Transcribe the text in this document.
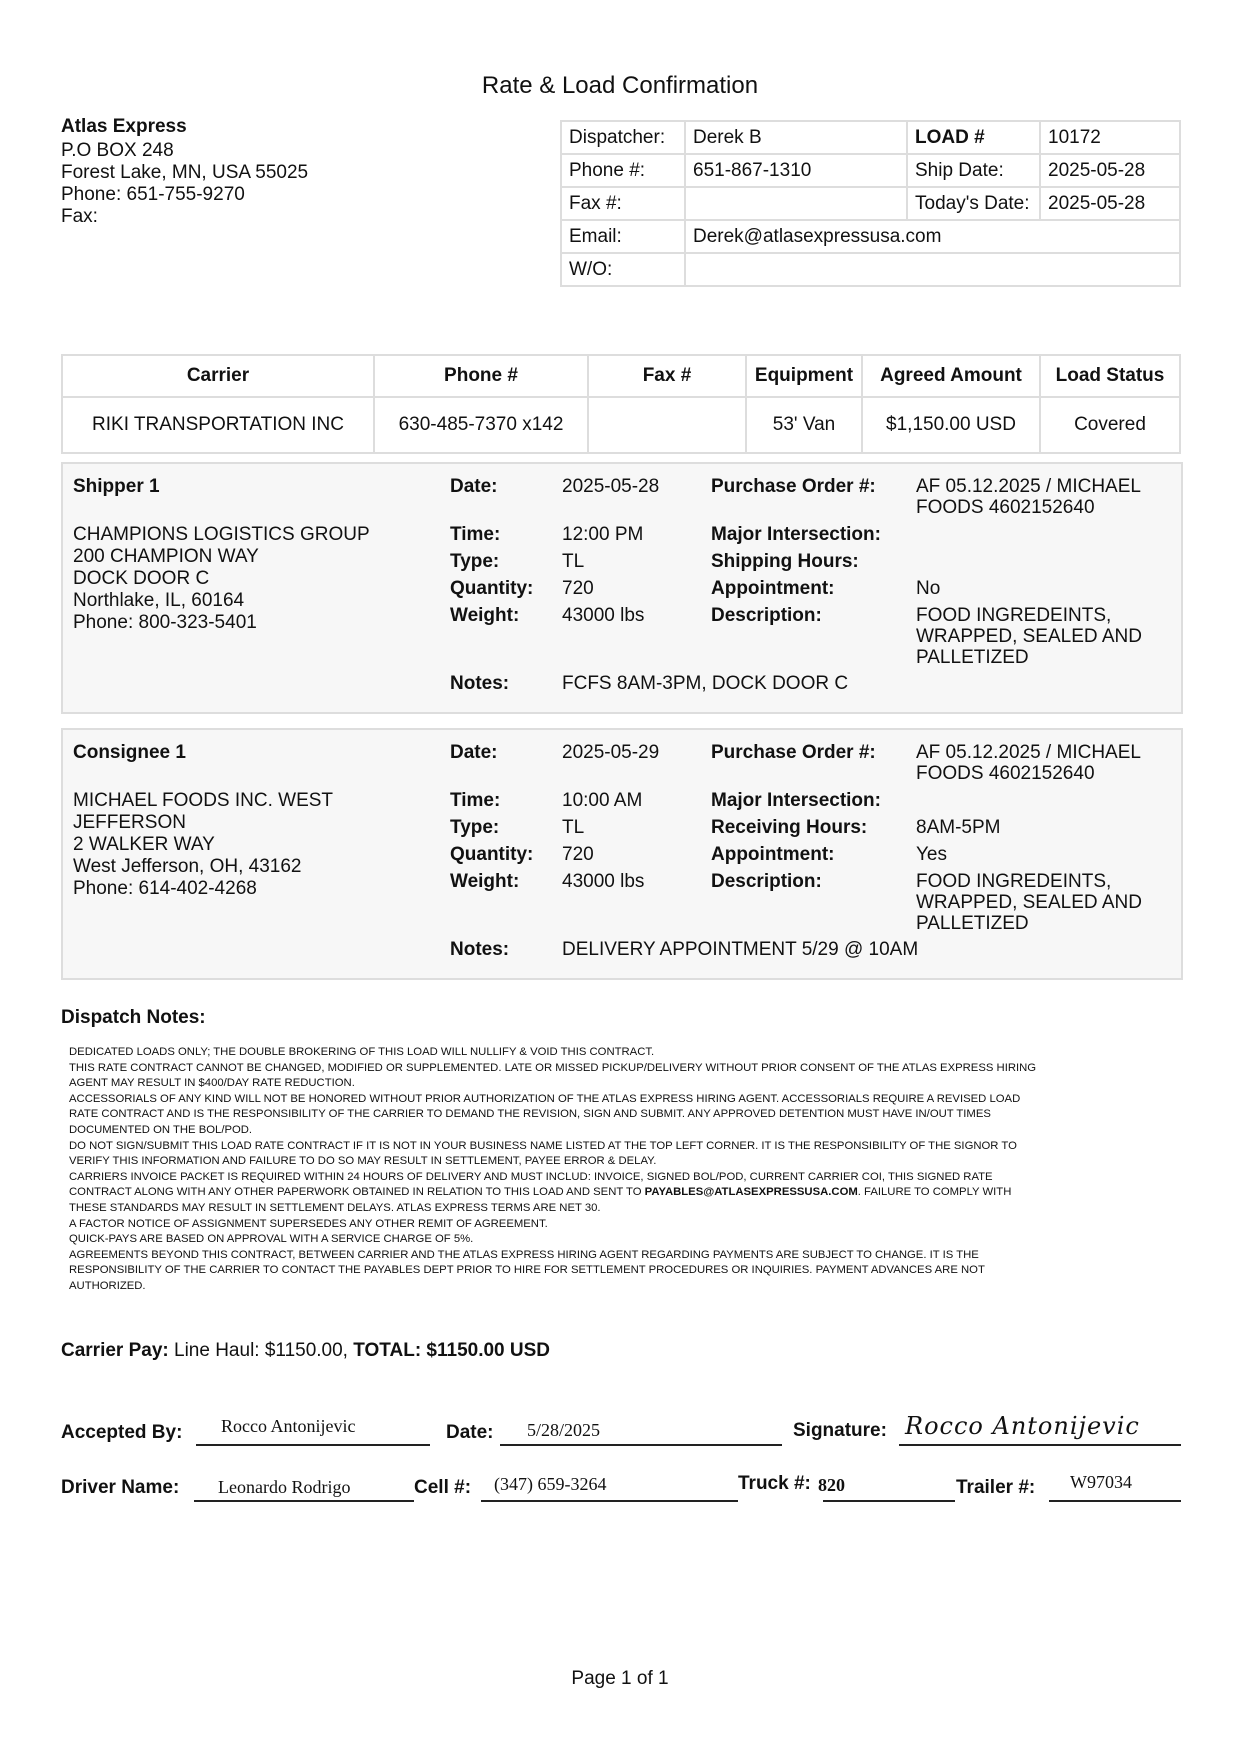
Rate & Load Confirmation
Atlas Express
P.O BOX 248
Forest Lake, MN, USA 55025
Phone: 651-755-9270
Fax:
Dispatcher:	Derek B	LOAD #	10172
Phone #:	651-867-1310	Ship Date:	2025-05-28
Fax #:		Today's Date:	2025-05-28
Email:	Derek@atlasexpressusa.com		
W/O:			
Carrier	Phone #	Fax #	Equipment	Agreed Amount	Load Status
RIKI TRANSPORTATION INC	630-485-7370 x142		53' Van	$1,150.00 USD	Covered
Shipper 1
CHAMPIONS LOGISTICS GROUP
200 CHAMPION WAY
DOCK DOOR C
Northlake, IL, 60164
Phone: 800-323-5401
Date:	2025-05-28
Time:	12:00 PM
Type:	TL
Quantity: 720
Weight: 43000 lbs
Notes:	FCFS 8AM-3PM, DOCK DOOR C
Purchase Order #: AF 05.12.2025 / MICHAEL
FOODS 4602152640
Major Intersection:
Shipping Hours:
Appointment:	No
Description:	FOOD INGREDEINTS,
WRAPPED, SEALED AND
PALLETIZED
Consignee 1
MICHAEL FOODS INC. WEST
JEFFERSON
2 WALKER WAY
West Jefferson, OH, 43162
Phone: 614-402-4268
Date:	2025-05-29
Time:	10:00 AM
Type:	TL
Quantity: 720
Weight: 43000 lbs
Notes:	DELIVERY APPOINTMENT 5/29 @ 10AM
Purchase Order #: AF 05.12.2025 / MICHAEL
FOODS 4602152640
Major Intersection:
Receiving Hours:	8AM-5PM
Appointment:	Yes
Description:	FOOD INGREDEINTS,
WRAPPED, SEALED AND
PALLETIZED
Dispatch Notes:
DEDICATED LOADS ONLY; THE DOUBLE BROKERING OF THIS LOAD WILL NULLIFY & VOID THIS CONTRACT.
THIS RATE CONTRACT CANNOT BE CHANGED, MODIFIED OR SUPPLEMENTED. LATE OR MISSED PICKUP/DELIVERY WITHOUT PRIOR CONSENT OF THE ATLAS EXPRESS HIRING
AGENT MAY RESULT IN $400/DAY RATE REDUCTION.
ACCESSORIALS OF ANY KIND WILL NOT BE HONORED WITHOUT PRIOR AUTHORIZATION OF THE ATLAS EXPRESS HIRING AGENT. ACCESSORIALS REQUIRE A REVISED LOAD
RATE CONTRACT AND IS THE RESPONSIBILITY OF THE CARRIER TO DEMAND THE REVISION, SIGN AND SUBMIT. ANY APPROVED DETENTION MUST HAVE IN/OUT TIMES
DOCUMENTED ON THE BOL/POD.
DO NOT SIGN/SUBMIT THIS LOAD RATE CONTRACT IF IT IS NOT IN YOUR BUSINESS NAME LISTED AT THE TOP LEFT CORNER. IT IS THE RESPONSIBILITY OF THE SIGNOR TO
VERIFY THIS INFORMATION AND FAILURE TO DO SO MAY RESULT IN SETTLEMENT, PAYEE ERROR & DELAY.
CARRIERS INVOICE PACKET IS REQUIRED WITHIN 24 HOURS OF DELIVERY AND MUST INCLUD: INVOICE, SIGNED BOL/POD, CURRENT CARRIER COI, THIS SIGNED RATE
CONTRACT ALONG WITH ANY OTHER PAPERWORK OBTAINED IN RELATION TO THIS LOAD AND SENT TO PAYABLES@ATLASEXPRESSUSA.COM. FAILURE TO COMPLY WITH
THESE STANDARDS MAY RESULT IN SETTLEMENT DELAYS. ATLAS EXPRESS TERMS ARE NET 30.
A FACTOR NOTICE OF ASSIGNMENT SUPERSEDES ANY OTHER REMIT OF AGREEMENT.
QUICK-PAYS ARE BASED ON APPROVAL WITH A SERVICE CHARGE OF 5%.
AGREEMENTS BEYOND THIS CONTRACT, BETWEEN CARRIER AND THE ATLAS EXPRESS HIRING AGENT REGARDING PAYMENTS ARE SUBJECT TO CHANGE. IT IS THE
RESPONSIBILITY OF THE CARRIER TO CONTACT THE PAYABLES DEPT PRIOR TO HIRE FOR SETTLEMENT PROCEDURES OR INQUIRIES. PAYMENT ADVANCES ARE NOT
AUTHORIZED.
Carrier Pay: Line Haul: $1150.00, TOTAL: $1150.00 USD
Accepted By: Rocco Antonijevic	Date: 5/28/2025	Signature: Rocco Antonijevic
Driver Name: Leonardo Rodrigo	Cell #: (347) 659-3264	Truck #: 820	Trailer #: W97034
Page 1 of 1
